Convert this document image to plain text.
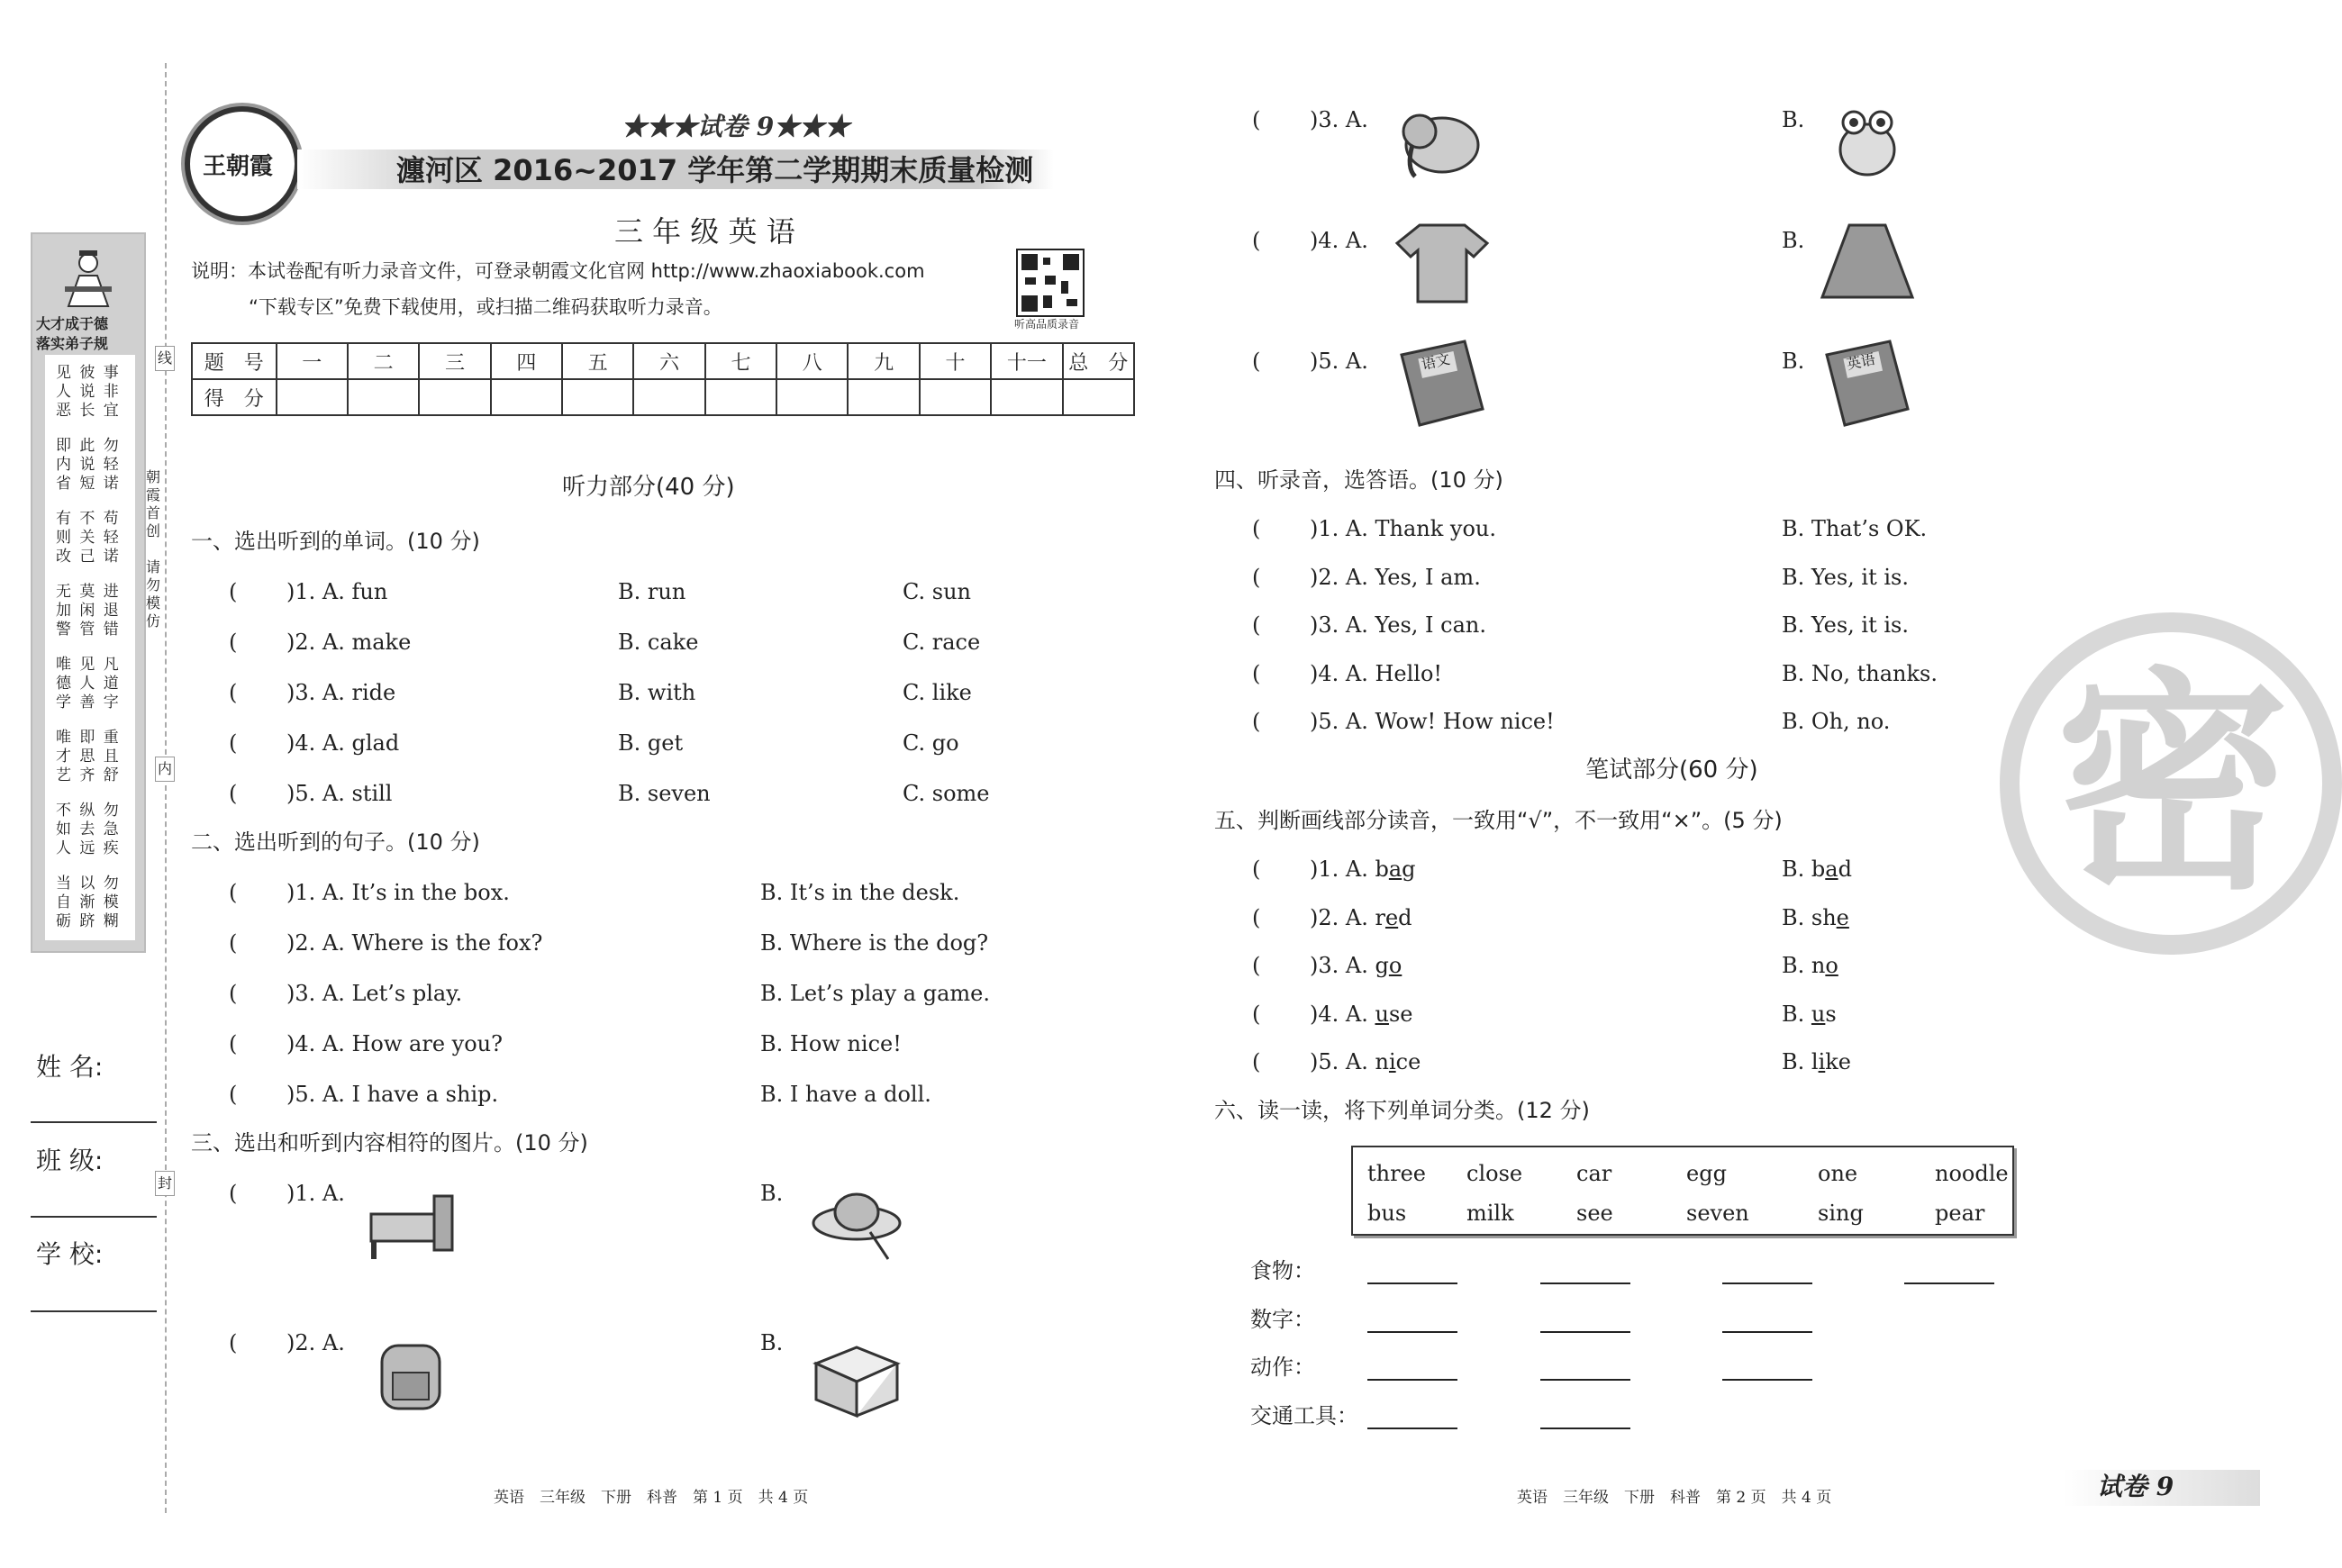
大才成于德
落实弟子规
见 彼 事
人 说 非
恶 长 宜
即 此 勿
内 说 轻
省 短 诺
有 不 苟
则 关 轻
改 己 诺
无 莫 进
加 闲 退
警 管 错
唯 见 凡
德 人 道
学 善 字
唯 即 重
才 思 且
艺 齐 舒
不 纵 勿
如 去 急
人 远 疾
当 以 勿
自 渐 模
砺 跻 糊
姓 名:
班 级:
学 校:
朝霞首创
请勿模仿
线
内
封
王朝霞
★★★试卷 9★★★
瀍河区 2016~2017 学年第二学期期末质量检测
三 年 级 英 语
说明：本试卷配有听力录音文件，可登录朝霞文化官网 http://www.zhaoxiabook.com
“下载专区”免费下载使用，或扫描二维码获取听力录音。
听高品质录音
题　号	一	二	三	四	五	六	七	八	九	十	十一	总　分
得　分												
听力部分(40 分)
一、选出听到的单词。(10 分)
( )1. A. fun	B. run	C. sun
( )2. A. make	B. cake	C. race
( )3. A. ride	B. with	C. like
( )4. A. glad	B. get	C. go
( )5. A. still	B. seven	C. some
二、选出听到的句子。(10 分)
( )1. A. It’s in the box.	B. It’s in the desk.
( )2. A. Where is the fox?	B. Where is the dog?
( )3. A. Let’s play.	B. Let’s play a game.
( )4. A. How are you?	B. How nice!
( )5. A. I have a ship.	B. I have a doll.
三、选出和听到内容相符的图片。(10 分)
( )1. A.	B.
( )2. A.	B.
( )3. A.	B.
( )4. A.	B.
( )5. A.	B.
语文	英语
四、听录音，选答语。(10 分)
( )1. A. Thank you.	B. That’s OK.
( )2. A. Yes, I am.	B. Yes, it is.
( )3. A. Yes, I can.	B. Yes, it is.
( )4. A. Hello!	B. No, thanks.
( )5. A. Wow! How nice!	B. Oh, no.
笔试部分(60 分)
五、判断画线部分读音，一致用“√”，不一致用“×”。(5 分)
( )1. A. bag	B. bad
( )2. A. red	B. she
( )3. A. go	B. no
( )4. A. use	B. us
( )5. A. nice	B. like
六、读一读，将下列单词分类。(12 分)
three close car	egg	one	noodle
bus	milk	see	seven	sing	pear
食物：
数字：
动作：
交通工具：
密
英语　三年级　下册　科普　第 1 页　共 4 页	英语　三年级　下册　科普　第 2 页　共 4 页	试卷 9
